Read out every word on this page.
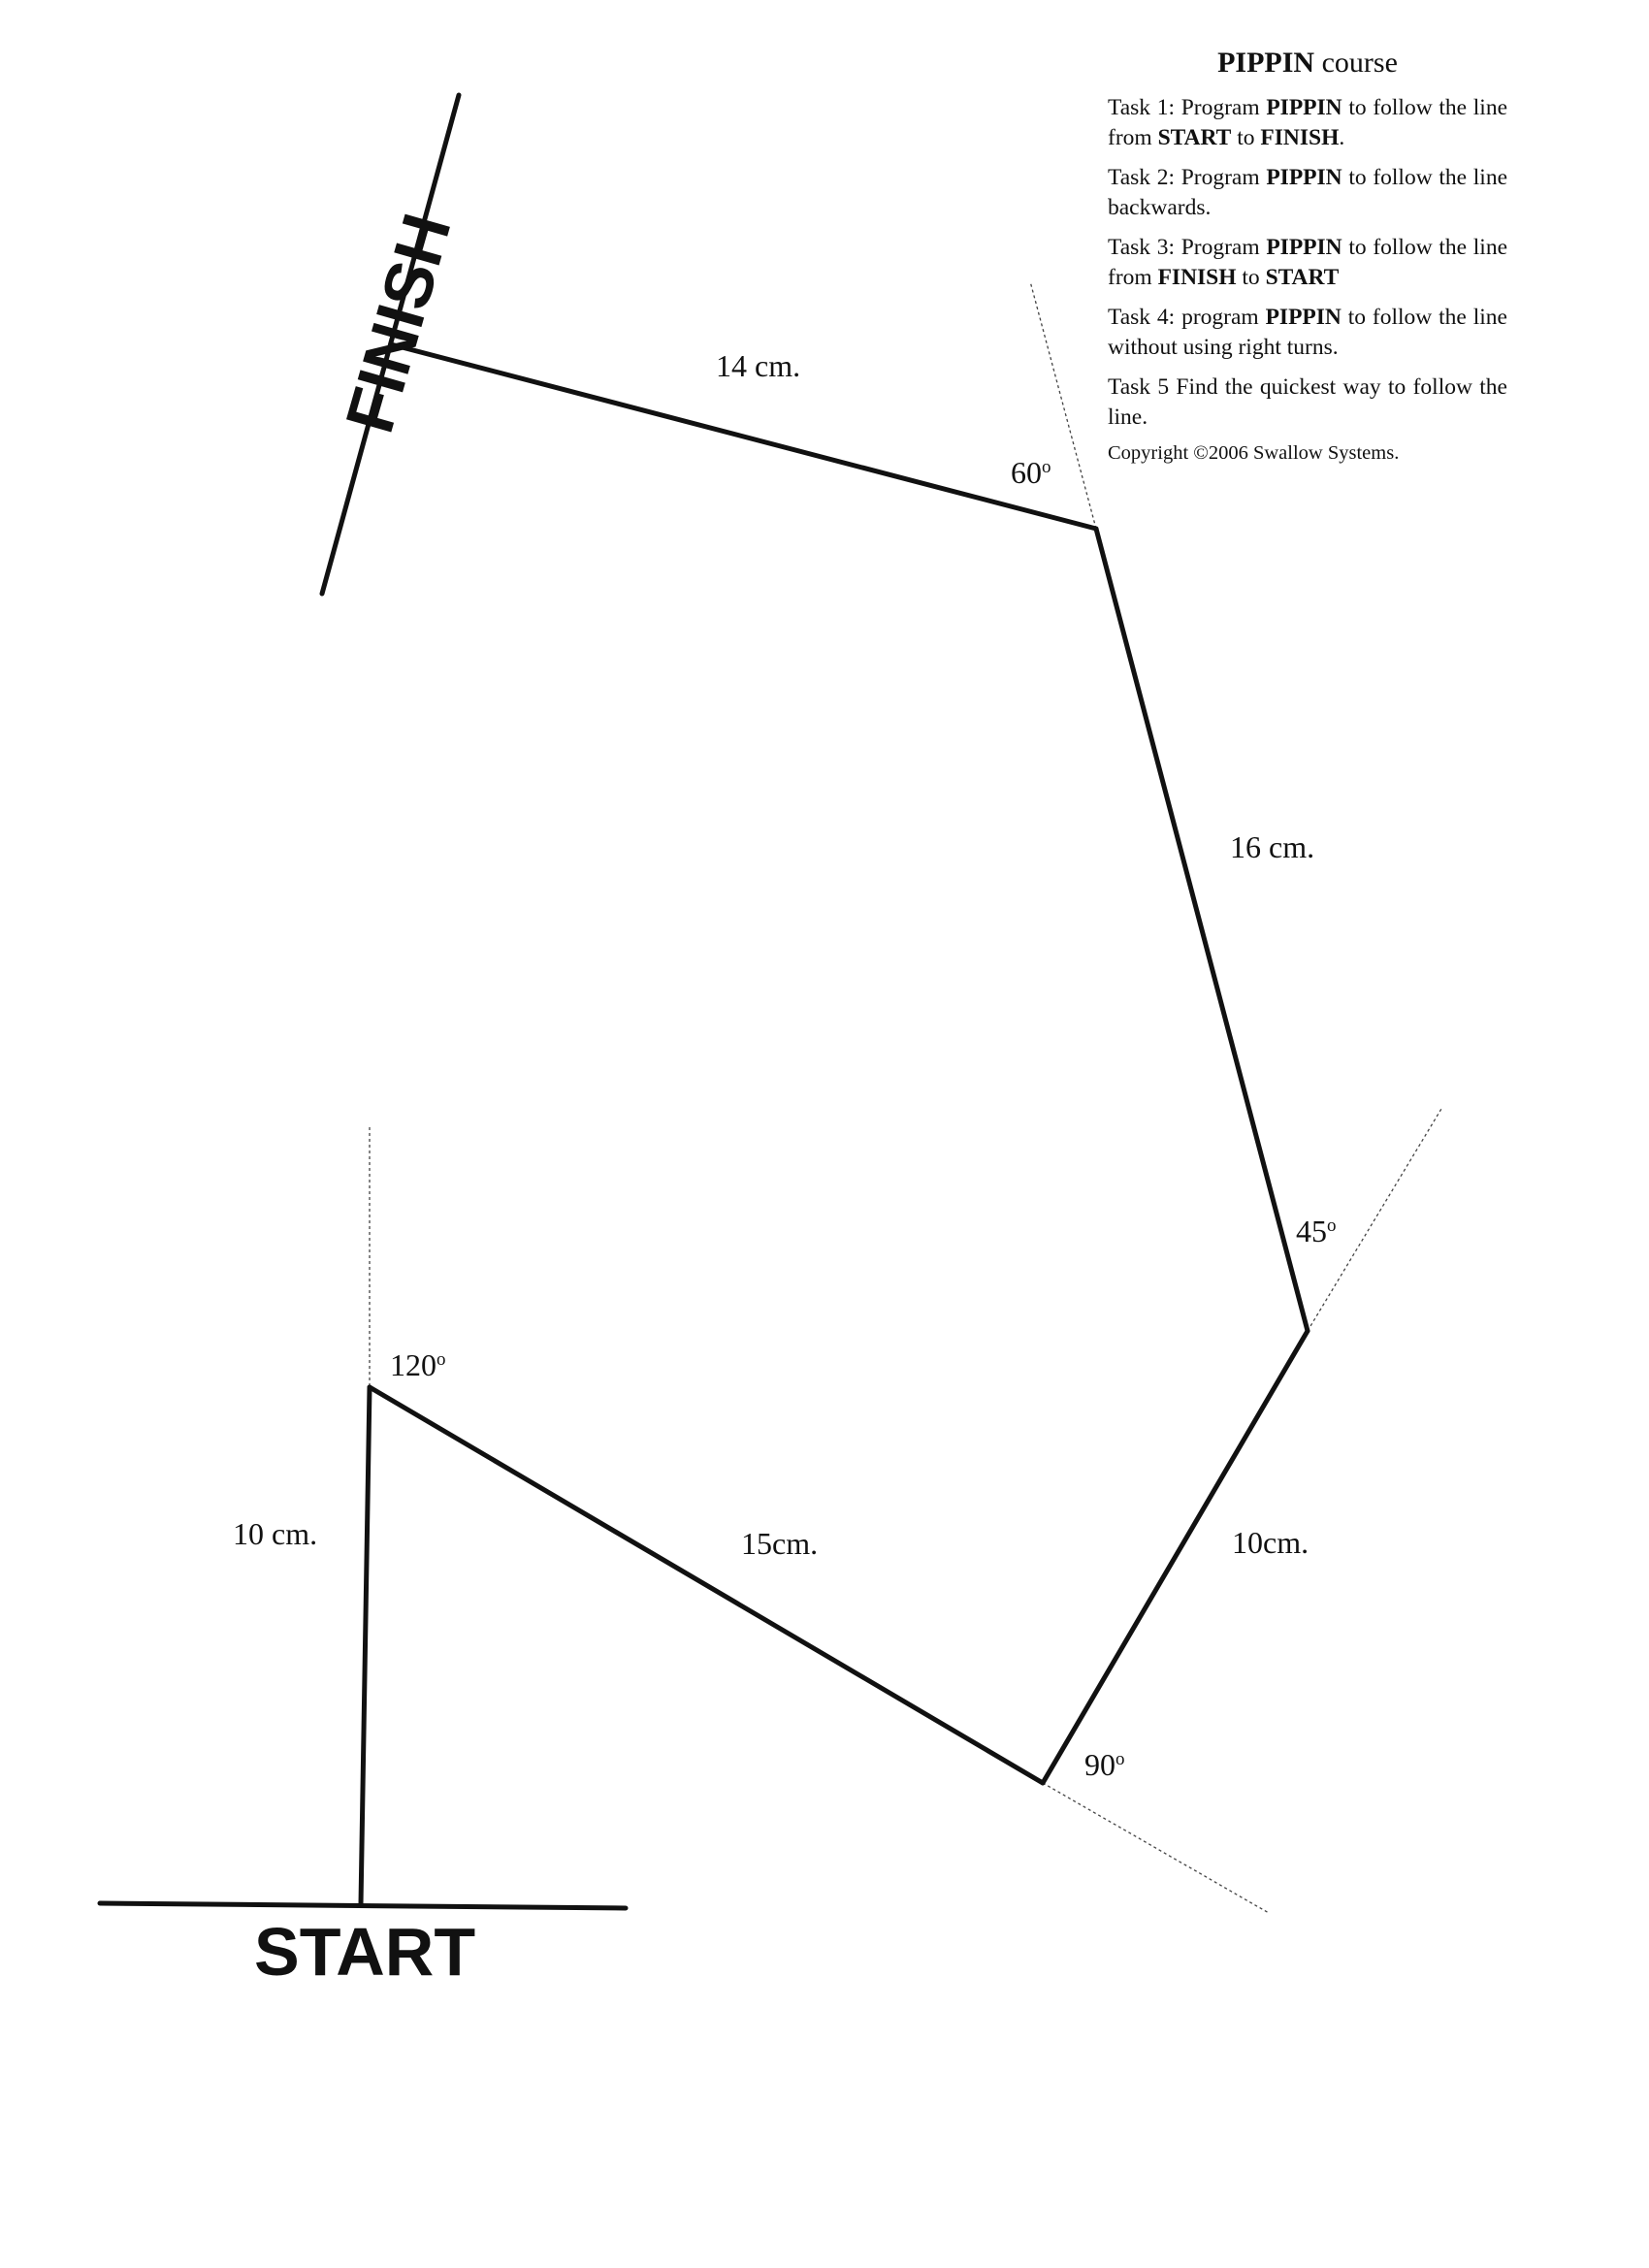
START
FINISH
10 cm.	15cm.	10cm.
16 cm.
14 cm.
120$^o$
90$^o$
45$^o$
60$^o$
PIPPIN course
Task 1: Program PIPPIN to follow the line from START to FINISH.
Task 2: Program PIPPIN to follow the line backwards.
Task 3: Program PIPPIN to follow the line from FINISH to START
Task 4: program PIPPIN to follow the line without using right turns.
Task 5 Find the quickest way to follow the line.
Copyright ©2006 Swallow Systems.
